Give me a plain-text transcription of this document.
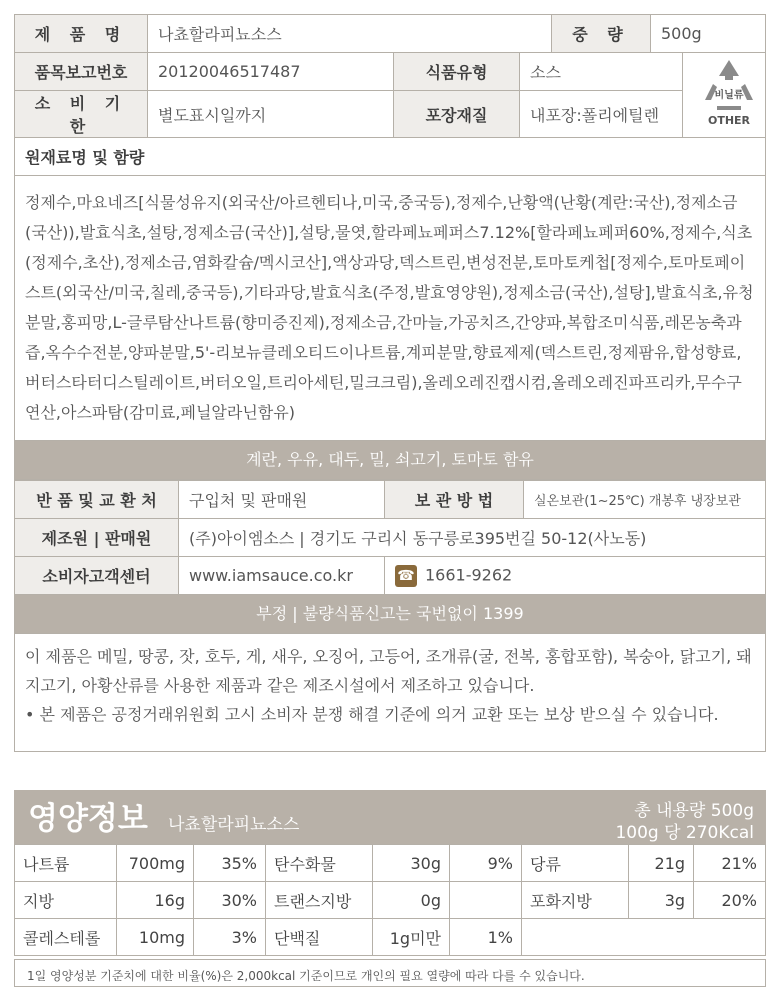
제 품 명	나쵸할라피뇨소스			중 량	500g	
품목보고번호	20120046517487	식품유형	소스			
소 비 기 한	별도표시일까지	포장재질	내포장:폴리에틸렌			
원재료명 및 함량						
정제수,마요네즈[식물성유지(외국산/아르헨티나,미국,중국등),정제수,난황액(난황(계란:국산),정제소금(국산)),발효식초,설탕,정제소금(국산)],설탕,물엿,할라페뇨페퍼스7.12%[할라페뇨페퍼60%,정제수,식초(정제수,초산),정제소금,염화칼슘/멕시코산],액상과당,덱스트린,변성전분,토마토케첩[정제수,토마토페이스트(외국산/미국,칠레,중국등),기타과당,발효식초(주정,발효영양원),정제소금(국산),설탕],발효식초,유청분말,홍피망,L-글루탐산나트륨(향미증진제),정제소금,간마늘,가공치즈,간양파,복합조미식품,레몬농축과즙,옥수수전분,양파분말,5'-리보뉴클레오티드이나트륨,계피분말,향료제제(덱스트린,정제팜유,합성향료,버터스타터디스틸레이트,버터오일,트리아세틴,밀크크림),올레오레진캡시컴,올레오레진파프리카,무수구연산,아스파탐(감미료,페닐알라닌함유)						
계란, 우유, 대두, 밀, 쇠고기, 토마토 함유
반 품 및 교 환 처	구입처 및 판매원	보 관 방 법	실온보관(1~25℃) 개봉후 냉장보관
제조원 | 판매원	(주)아이엠소스 | 경기도 구리시 동구릉로395번길 50-12(사노동)		
소비자고객센터	www.iamsauce.co.kr	☎ 1661-9262	
부정 | 불량식품신고는 국번없이 1399
이 제품은 메밀, 땅콩, 잣, 호두, 게, 새우, 오징어, 고등어, 조개류(굴, 전복, 홍합포함), 복숭아, 닭고기, 돼지고기, 아황산류를 사용한 제품과 같은 제조시설에서 제조하고 있습니다.
• 본 제품은 공정거래위원회 고시 소비자 분쟁 해결 기준에 의거 교환 또는 보상 받으실 수 있습니다.
비닐류
OTHER
영양정보 나쵸할라피뇨소스
총 내용량 500g
100g 당 270Kcal
나트륨	700mg	35%	탄수화물	30g	9%	당류	21g	21%
지방	16g	30%	트랜스지방	0g		포화지방	3g	20%
콜레스테롤	10mg	3%	단백질	1g미만	1%			
1일 영양성분 기준치에 대한 비율(%)은 2,000kcal 기준이므로 개인의 필요 열량에 따라 다를 수 있습니다.
